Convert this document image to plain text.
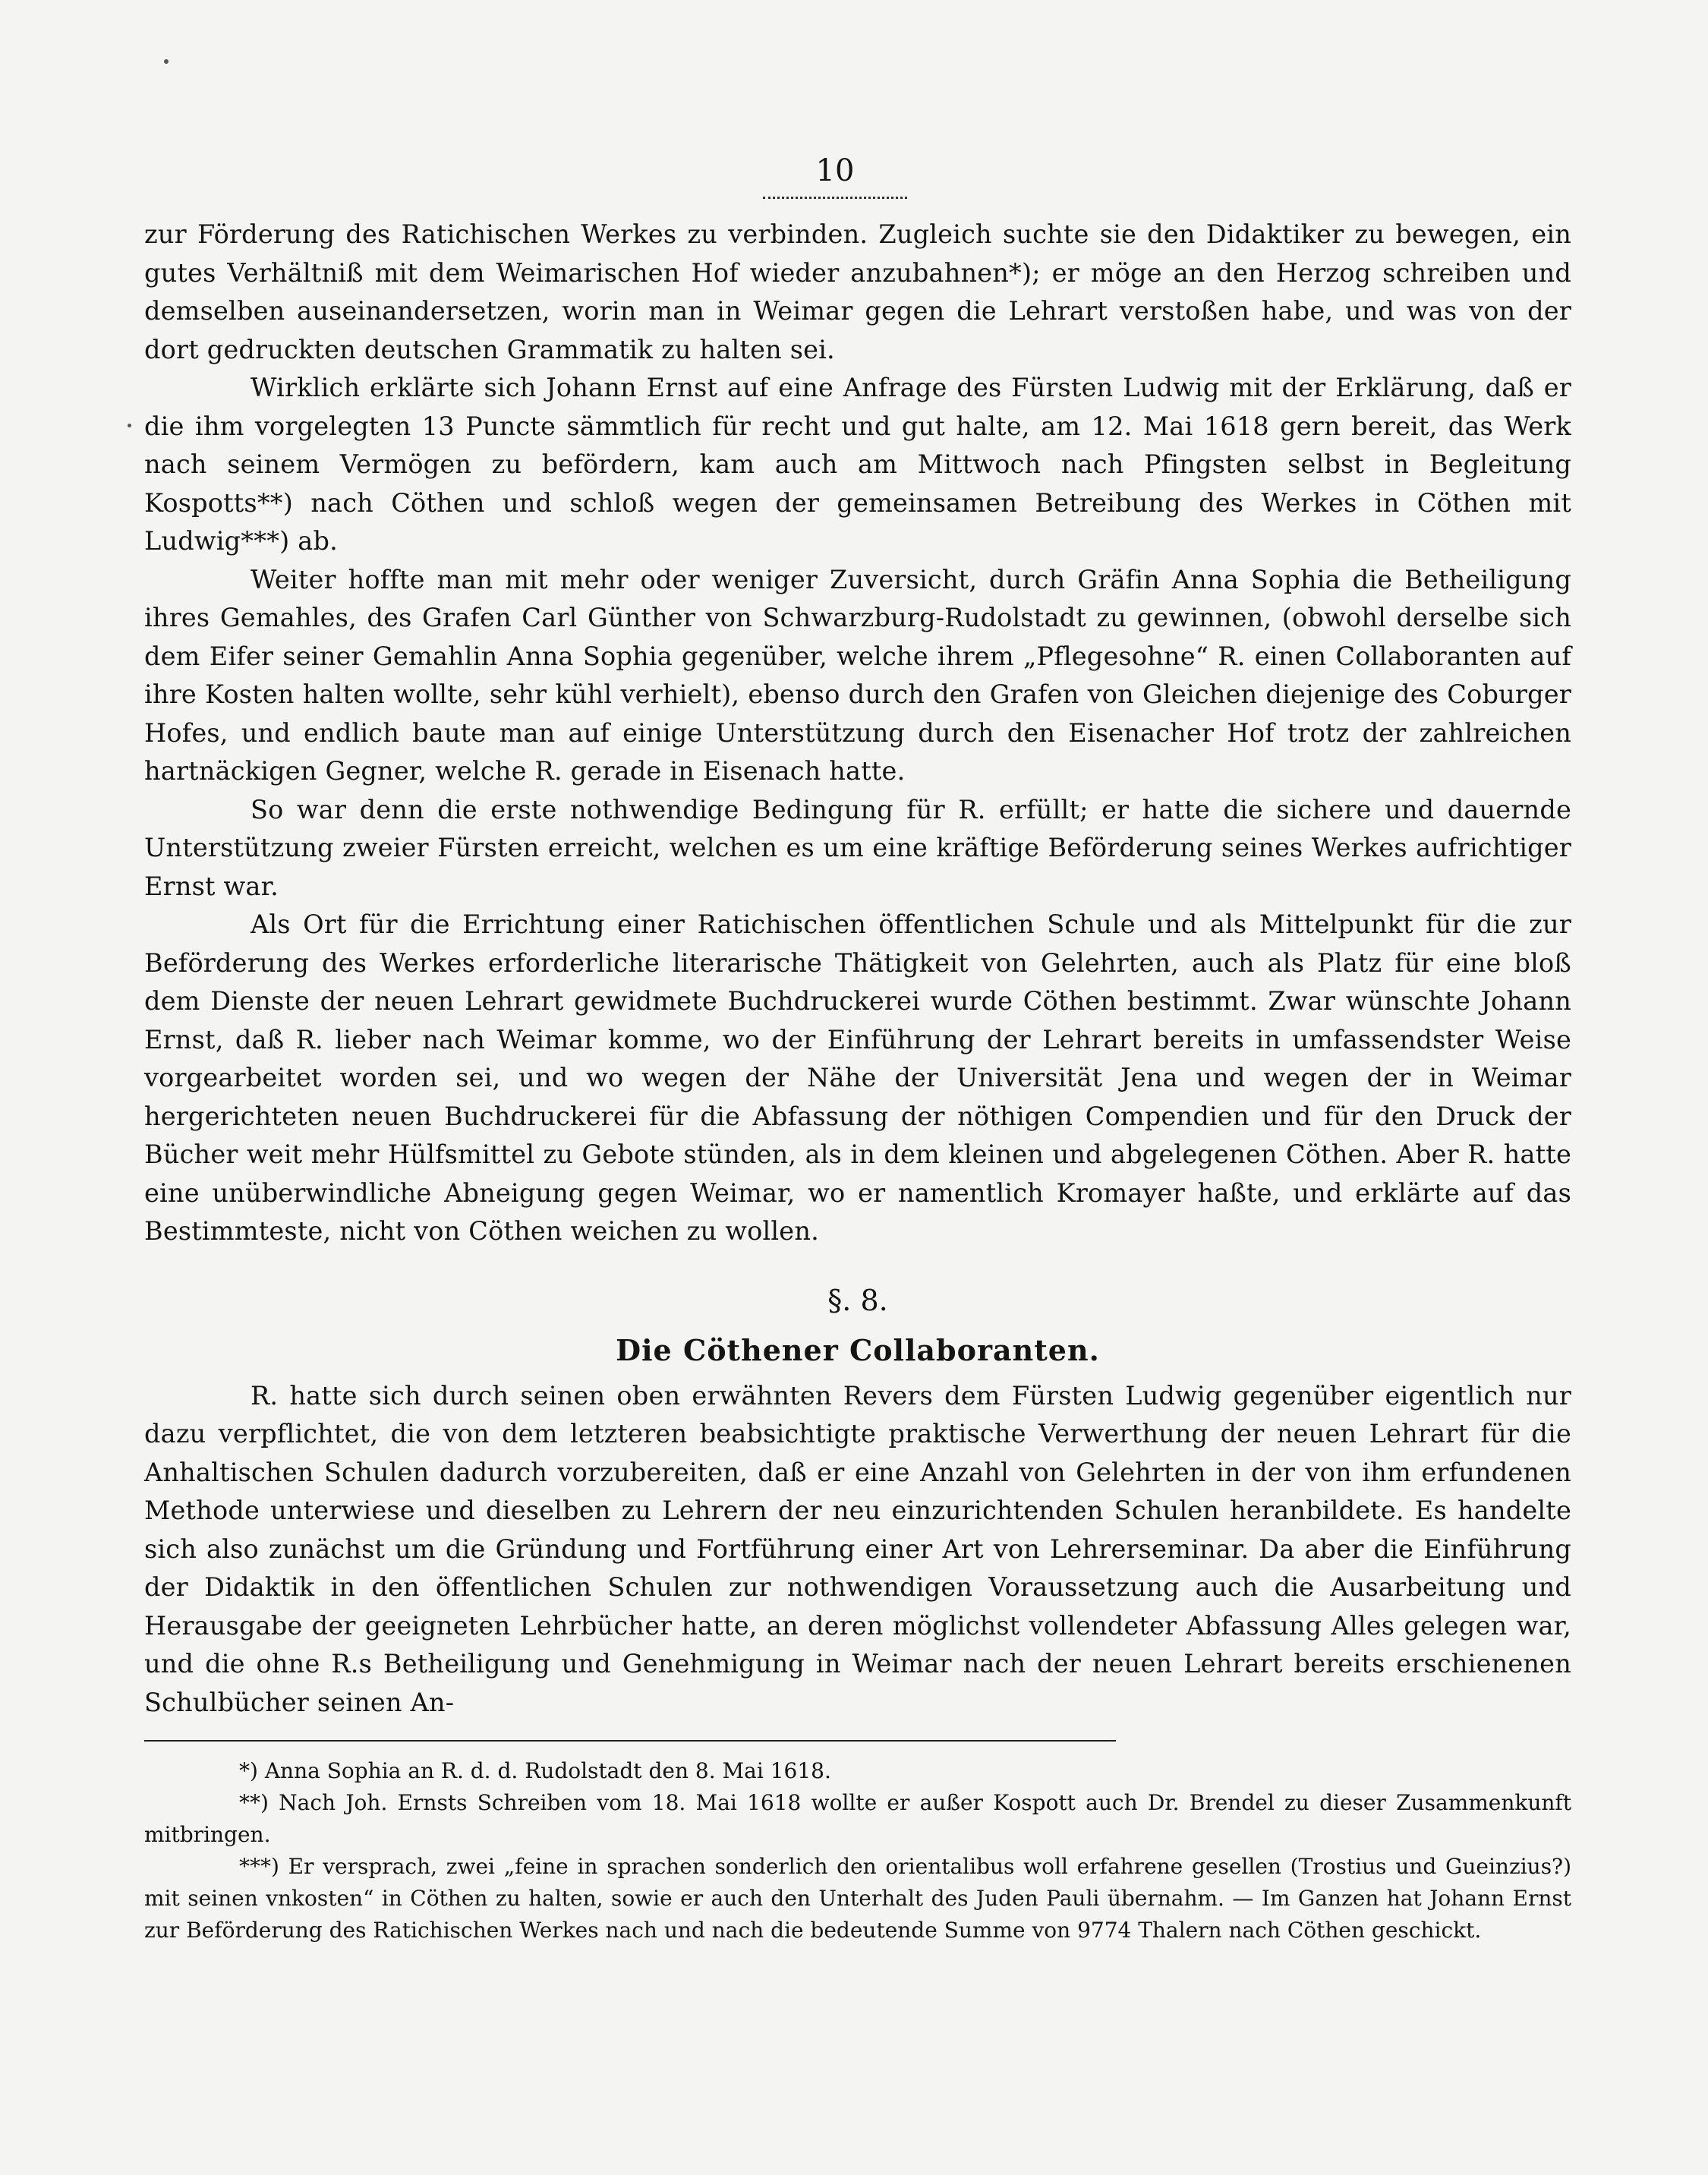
10

zur Förderung des Ratichischen Werkes zu verbinden. Zugleich suchte sie den Didaktiker zu bewegen, ein gutes Verhältniß mit dem Weimarischen Hof wieder anzubahnen*); er möge an den Herzog schreiben und demselben auseinandersetzen, worin man in Weimar gegen die Lehrart verstoßen habe, und was von der dort gedruckten deutschen Grammatik zu halten sei.

Wirklich erklärte sich Johann Ernst auf eine Anfrage des Fürsten Ludwig mit der Erklärung, daß er die ihm vorgelegten 13 Puncte sämmtlich für recht und gut halte, am 12. Mai 1618 gern bereit, das Werk nach seinem Vermögen zu befördern, kam auch am Mittwoch nach Pfingsten selbst in Begleitung Kospotts**) nach Cöthen und schloß wegen der gemeinsamen Betreibung des Werkes in Cöthen mit Ludwig***) ab.

Weiter hoffte man mit mehr oder weniger Zuversicht, durch Gräfin Anna Sophia die Betheiligung ihres Gemahles, des Grafen Carl Günther von Schwarzburg-Rudolstadt zu gewinnen, (obwohl derselbe sich dem Eifer seiner Gemahlin Anna Sophia gegenüber, welche ihrem „Pflegesohne“ R. einen Collaboranten auf ihre Kosten halten wollte, sehr kühl verhielt), ebenso durch den Grafen von Gleichen diejenige des Coburger Hofes, und endlich baute man auf einige Unterstützung durch den Eisenacher Hof trotz der zahlreichen hartnäckigen Gegner, welche R. gerade in Eisenach hatte.

So war denn die erste nothwendige Bedingung für R. erfüllt; er hatte die sichere und dauernde Unterstützung zweier Fürsten erreicht, welchen es um eine kräftige Beförderung seines Werkes aufrichtiger Ernst war.

Als Ort für die Errichtung einer Ratichischen öffentlichen Schule und als Mittelpunkt für die zur Beförderung des Werkes erforderliche literarische Thätigkeit von Gelehrten, auch als Platz für eine bloß dem Dienste der neuen Lehrart gewidmete Buchdruckerei wurde Cöthen bestimmt. Zwar wünschte Johann Ernst, daß R. lieber nach Weimar komme, wo der Einführung der Lehrart bereits in umfassendster Weise vorgearbeitet worden sei, und wo wegen der Nähe der Universität Jena und wegen der in Weimar hergerichteten neuen Buchdruckerei für die Abfassung der nöthigen Compendien und für den Druck der Bücher weit mehr Hülfsmittel zu Gebote stünden, als in dem kleinen und abgelegenen Cöthen. Aber R. hatte eine unüberwindliche Abneigung gegen Weimar, wo er namentlich Kromayer haßte, und erklärte auf das Bestimmteste, nicht von Cöthen weichen zu wollen.

§. 8.
Die Cöthener Collaboranten.

R. hatte sich durch seinen oben erwähnten Revers dem Fürsten Ludwig gegenüber eigentlich nur dazu verpflichtet, die von dem letzteren beabsichtigte praktische Verwerthung der neuen Lehrart für die Anhaltischen Schulen dadurch vorzubereiten, daß er eine Anzahl von Gelehrten in der von ihm erfundenen Methode unterwiese und dieselben zu Lehrern der neu einzurichtenden Schulen heranbildete. Es handelte sich also zunächst um die Gründung und Fortführung einer Art von Lehrerseminar. Da aber die Einführung der Didaktik in den öffentlichen Schulen zur nothwendigen Voraussetzung auch die Ausarbeitung und Herausgabe der geeigneten Lehrbücher hatte, an deren möglichst vollendeter Abfassung Alles gelegen war, und die ohne R.s Betheiligung und Genehmigung in Weimar nach der neuen Lehrart bereits erschienenen Schulbücher seinen An-

*) Anna Sophia an R. d. d. Rudolstadt den 8. Mai 1618.

**) Nach Joh. Ernsts Schreiben vom 18. Mai 1618 wollte er außer Kospott auch Dr. Brendel zu dieser Zusammenkunft mitbringen.

***) Er versprach, zwei „feine in sprachen sonderlich den orientalibus woll erfahrene gesellen (Trostius und Gueinzius?) mit seinen vnkosten“ in Cöthen zu halten, sowie er auch den Unterhalt des Juden Pauli übernahm. — Im Ganzen hat Johann Ernst zur Beförderung des Ratichischen Werkes nach und nach die bedeutende Summe von 9774 Thalern nach Cöthen geschickt.
